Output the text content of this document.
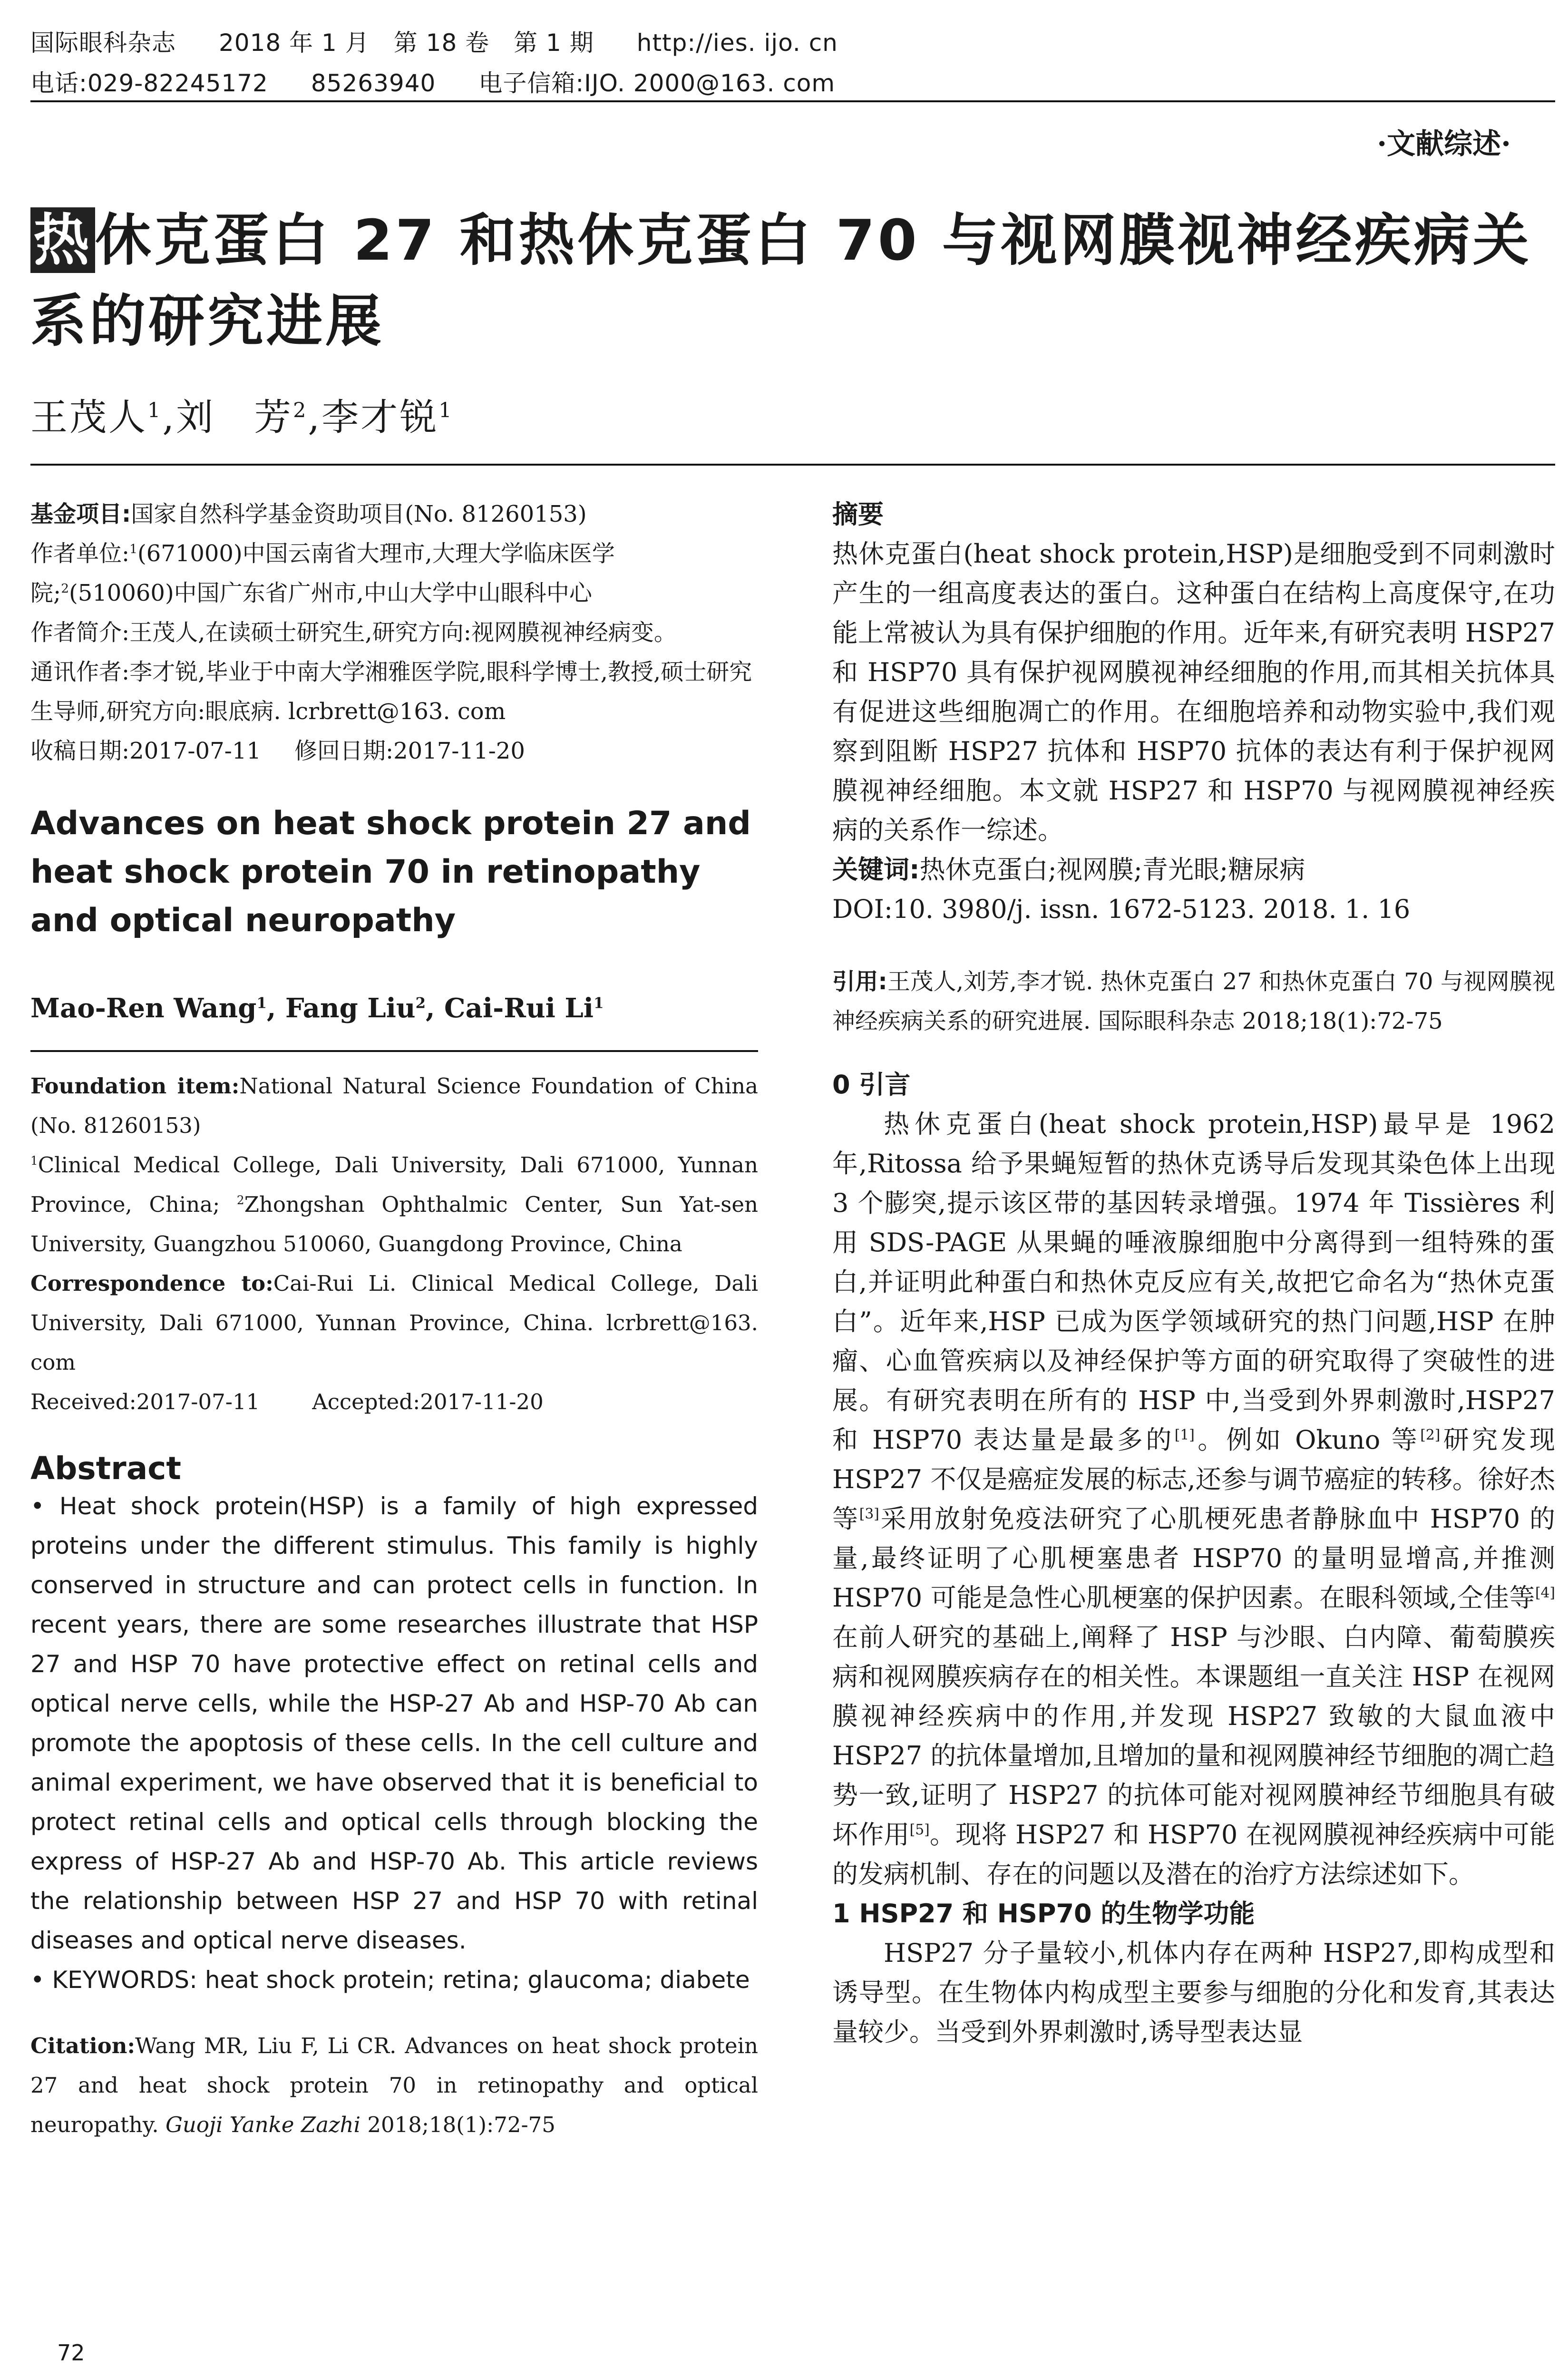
国际眼科杂志 2018 年 1 月　第 18 卷　第 1 期 http://ies. ijo. cn
电话:029-82245172 85263940 电子信箱:IJO. 2000@163. com
·文献综述·
热休克蛋白 27 和热休克蛋白 70 与视网膜视神经疾病关系的研究进展
王茂人$^1$,刘　芳$^2$,李才锐$^1$

基金项目:国家自然科学基金资助项目(No. 81260153)

作者单位:$^1$(671000)中国云南省大理市,大理大学临床医学院;$^2$(510060)中国广东省广州市,中山大学中山眼科中心

作者简介:王茂人,在读硕士研究生,研究方向:视网膜视神经病变。

通讯作者:李才锐,毕业于中南大学湘雅医学院,眼科学博士,教授,硕士研究生导师,研究方向:眼底病. lcrbrett@163. com

收稿日期:2017-07-11 修回日期:2017-11-20

Advances on heat shock protein 27 and heat shock protein 70 in retinopathy and optical neuropathy
Mao-Ren Wang$^1$, Fang Liu$^2$, Cai-Rui Li$^1$

Foundation item:National Natural Science Foundation of China (No. 81260153)

$^1$Clinical Medical College, Dali University, Dali 671000, Yunnan Province, China; $^2$Zhongshan Ophthalmic Center, Sun Yat-sen University, Guangzhou 510060, Guangdong Province, China

Correspondence to:Cai-Rui Li. Clinical Medical College, Dali University, Dali 671000, Yunnan Province, China. lcrbrett@163. com

Received:2017-07-11 Accepted:2017-11-20

Abstract

• Heat shock protein(HSP) is a family of high expressed proteins under the different stimulus. This family is highly conserved in structure and can protect cells in function. In recent years, there are some researches illustrate that HSP 27 and HSP 70 have protective effect on retinal cells and optical nerve cells, while the HSP-27 Ab and HSP-70 Ab can promote the apoptosis of these cells. In the cell culture and animal experiment, we have observed that it is beneficial to protect retinal cells and optical cells through blocking the express of HSP-27 Ab and HSP-70 Ab. This article reviews the relationship between HSP 27 and HSP 70 with retinal diseases and optical nerve diseases.

• KEYWORDS: heat shock protein; retina; glaucoma; diabete

Citation:Wang MR, Liu F, Li CR. Advances on heat shock protein 27 and heat shock protein 70 in retinopathy and optical neuropathy. Guoji Yanke Zazhi 2018;18(1):72-75
72

摘要

热休克蛋白(heat shock protein,HSP)是细胞受到不同刺激时产生的一组高度表达的蛋白。这种蛋白在结构上高度保守,在功能上常被认为具有保护细胞的作用。近年来,有研究表明 HSP27 和 HSP70 具有保护视网膜视神经细胞的作用,而其相关抗体具有促进这些细胞凋亡的作用。在细胞培养和动物实验中,我们观察到阻断 HSP27 抗体和 HSP70 抗体的表达有利于保护视网膜视神经细胞。本文就 HSP27 和 HSP70 与视网膜视神经疾病的关系作一综述。

关键词:热休克蛋白;视网膜;青光眼;糖尿病

DOI:10. 3980/j. issn. 1672-5123. 2018. 1. 16

引用:王茂人,刘芳,李才锐. 热休克蛋白 27 和热休克蛋白 70 与视网膜视神经疾病关系的研究进展. 国际眼科杂志 2018;18(1):72-75

0 引言

热休克蛋白(heat shock protein,HSP)最早是 1962 年,Ritossa 给予果蝇短暂的热休克诱导后发现其染色体上出现 3 个膨突,提示该区带的基因转录增强。1974 年 Tissières 利用 SDS-PAGE 从果蝇的唾液腺细胞中分离得到一组特殊的蛋白,并证明此种蛋白和热休克反应有关,故把它命名为“热休克蛋白”。近年来,HSP 已成为医学领域研究的热门问题,HSP 在肿瘤、心血管疾病以及神经保护等方面的研究取得了突破性的进展。有研究表明在所有的 HSP 中,当受到外界刺激时,HSP27 和 HSP70 表达量是最多的[1]。例如 Okuno 等[2]研究发现 HSP27 不仅是癌症发展的标志,还参与调节癌症的转移。徐好杰等[3]采用放射免疫法研究了心肌梗死患者静脉血中 HSP70 的量,最终证明了心肌梗塞患者 HSP70 的量明显增高,并推测 HSP70 可能是急性心肌梗塞的保护因素。在眼科领域,仝佳等[4]在前人研究的基础上,阐释了 HSP 与沙眼、白内障、葡萄膜疾病和视网膜疾病存在的相关性。本课题组一直关注 HSP 在视网膜视神经疾病中的作用,并发现 HSP27 致敏的大鼠血液中 HSP27 的抗体量增加,且增加的量和视网膜神经节细胞的凋亡趋势一致,证明了 HSP27 的抗体可能对视网膜神经节细胞具有破坏作用[5]。现将 HSP27 和 HSP70 在视网膜视神经疾病中可能的发病机制、存在的问题以及潜在的治疗方法综述如下。

1 HSP27 和 HSP70 的生物学功能

HSP27 分子量较小,机体内存在两种 HSP27,即构成型和诱导型。在生物体内构成型主要参与细胞的分化和发育,其表达量较少。当受到外界刺激时,诱导型表达显
